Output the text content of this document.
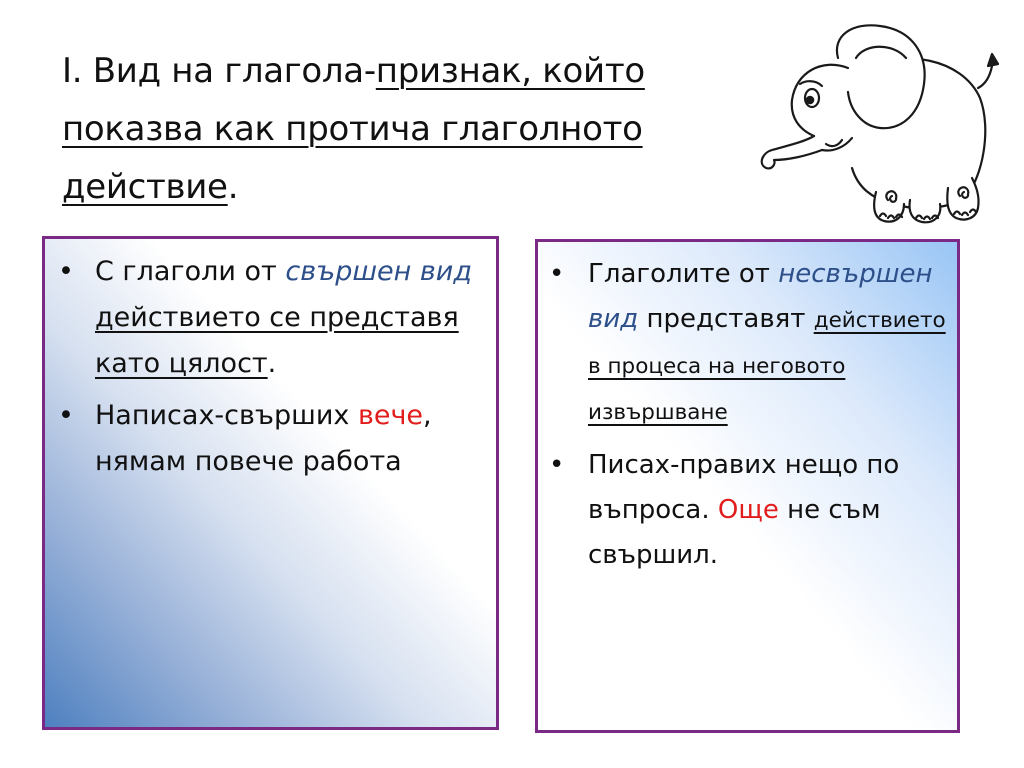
I. Вид на глагола-признак, който показва как протича глаголното действие.
• С глаголи от свършен вид действието се представя като цялост.
• Написах-свърших вече, нямам повече работа
• Глаголите от несвършен вид представят действието в процеса на неговото извършване
• Писах-правих нещо по въпроса. Още не съм свършил.
